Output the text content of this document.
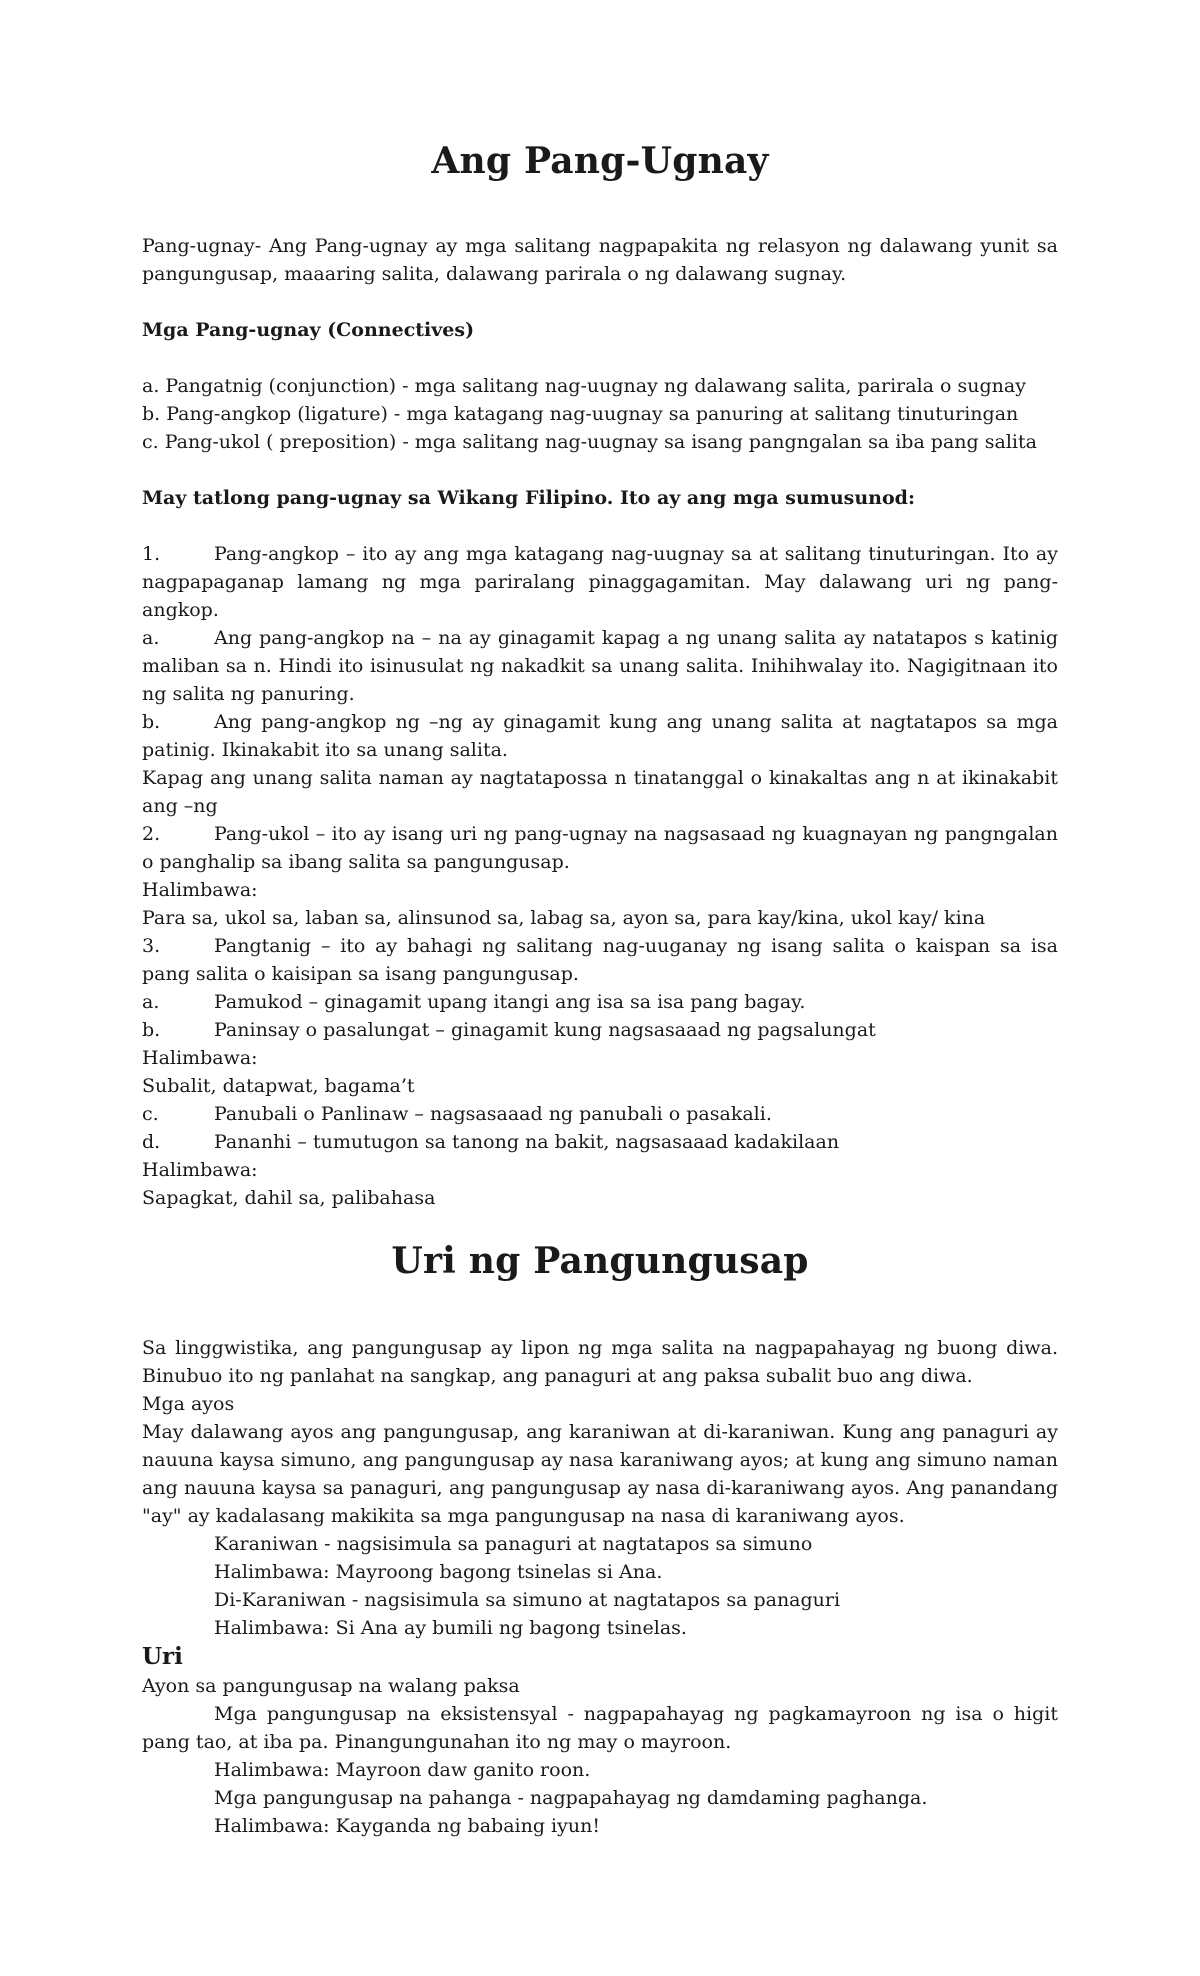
Ang Pang-Ugnay

Pang-ugnay- Ang Pang-ugnay ay mga salitang nagpapakita ng relasyon ng dalawang yunit sa pangungusap, maaaring salita, dalawang parirala o ng dalawang sugnay.

Mga Pang-ugnay (Connectives)

a. Pangatnig (conjunction) - mga salitang nag-uugnay ng dalawang salita, parirala o sugnay

b. Pang-angkop (ligature) - mga katagang nag-uugnay sa panuring at salitang tinuturingan

c. Pang-ukol ( preposition) - mga salitang nag-uugnay sa isang pangngalan sa iba pang salita

May tatlong pang-ugnay sa Wikang Filipino. Ito ay ang mga sumusunod:

1.	Pang-angkop – ito ay ang mga katagang nag-uugnay sa at salitang tinuturingan. Ito ay nagpapaganap lamang ng mga pariralang pinaggagamitan. May dalawang uri ng pang-angkop.

a.	Ang pang-angkop na – na ay ginagamit kapag a ng unang salita ay natatapos s katinig maliban sa n. Hindi ito isinusulat ng nakadkit sa unang salita. Inihihwalay ito. Nagigitnaan ito ng salita ng panuring.

b.	Ang pang-angkop ng –ng ay ginagamit kung ang unang salita at nagtatapos sa mga patinig. Ikinakabit ito sa unang salita.

Kapag ang unang salita naman ay nagtatapossa n tinatanggal o kinakaltas ang n at ikinakabit ang –ng

2.	Pang-ukol – ito ay isang uri ng pang-ugnay na nagsasaad ng kuagnayan ng pangngalan o panghalip sa ibang salita sa pangungusap.

Halimbawa:

Para sa, ukol sa, laban sa, alinsunod sa, labag sa, ayon sa, para kay/kina, ukol kay/ kina

3.	Pangtanig – ito ay bahagi ng salitang nag-uuganay ng isang salita o kaispan sa isa pang salita o kaisipan sa isang pangungusap.

a.	Pamukod – ginagamit upang itangi ang isa sa isa pang bagay.

b.	Paninsay o pasalungat – ginagamit kung nagsasaaad ng pagsalungat

Halimbawa:

Subalit, datapwat, bagama’t

c.	Panubali o Panlinaw – nagsasaaad ng panubali o pasakali.

d.	Pananhi – tumutugon sa tanong na bakit, nagsasaaad kadakilaan

Halimbawa:

Sapagkat, dahil sa, palibahasa

Uri ng Pangungusap

Sa linggwistika, ang pangungusap ay lipon ng mga salita na nagpapahayag ng buong diwa. Binubuo ito ng panlahat na sangkap, ang panaguri at ang paksa subalit buo ang diwa.

Mga ayos

May dalawang ayos ang pangungusap, ang karaniwan at di-karaniwan. Kung ang panaguri ay nauuna kaysa simuno, ang pangungusap ay nasa karaniwang ayos; at kung ang simuno naman ang nauuna kaysa sa panaguri, ang pangungusap ay nasa di-karaniwang ayos. Ang panandang "ay" ay kadalasang makikita sa mga pangungusap na nasa di karaniwang ayos.

Karaniwan - nagsisimula sa panaguri at nagtatapos sa simuno

Halimbawa: Mayroong bagong tsinelas si Ana.

Di-Karaniwan - nagsisimula sa simuno at nagtatapos sa panaguri

Halimbawa: Si Ana ay bumili ng bagong tsinelas.

Uri

Ayon sa pangungusap na walang paksa

Mga pangungusap na eksistensyal - nagpapahayag ng pagkamayroon ng isa o higit pang tao, at iba pa. Pinangungunahan ito ng may o mayroon.

Halimbawa: Mayroon daw ganito roon.

Mga pangungusap na pahanga - nagpapahayag ng damdaming paghanga.

Halimbawa: Kayganda ng babaing iyun!
